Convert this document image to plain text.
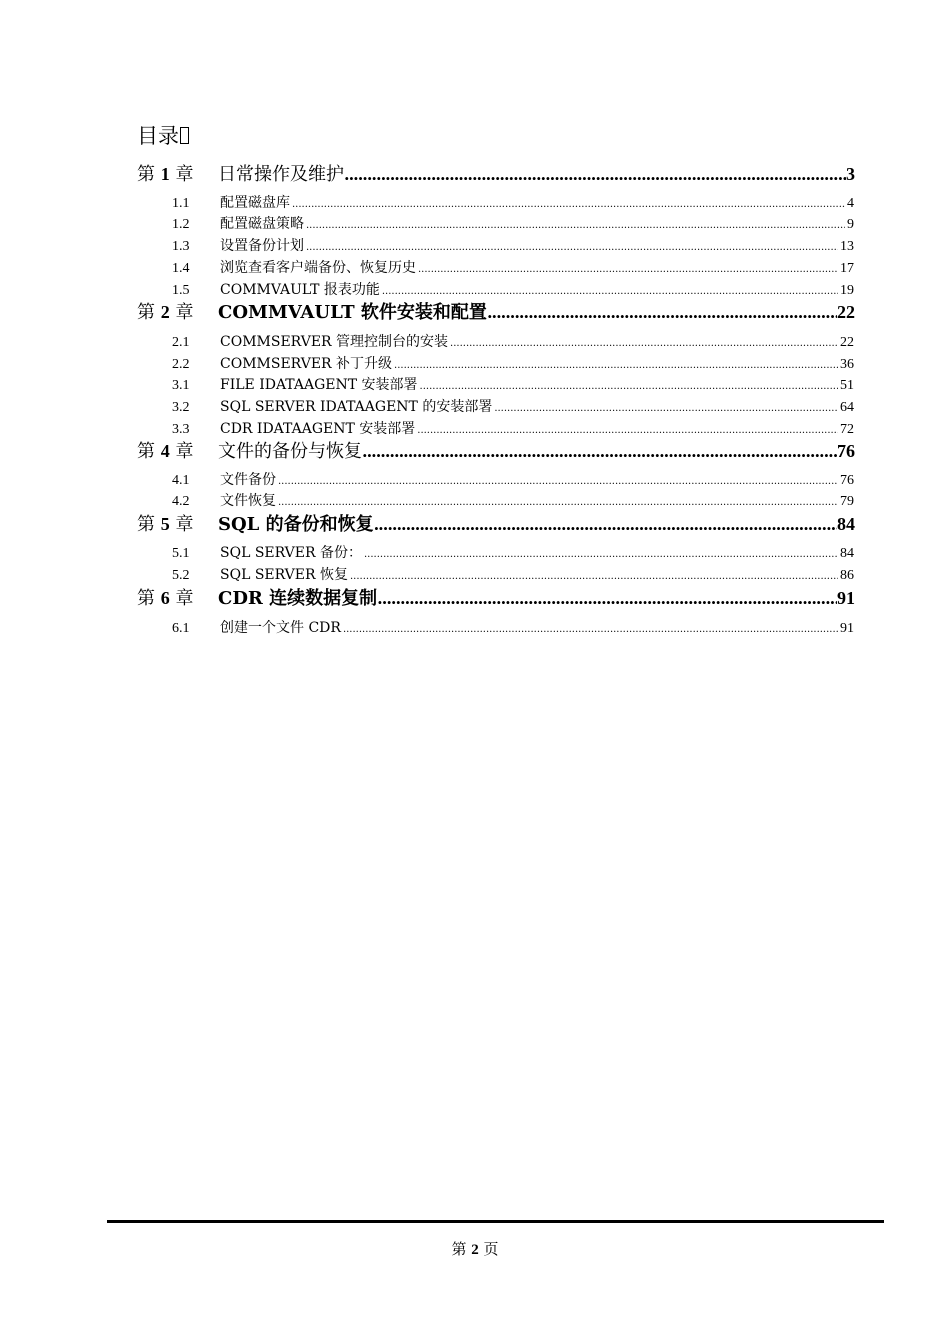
目录
第 1 章	日常操作及维护 .....	3
1.1	配置磁盘库 .....	4
1.2	配置磁盘策略 .....	9
1.3	设置备份计划 .....	13
1.4	浏览查看客户端备份、恢复历史 .....	17
1.5	COMMVAULT 报表功能 .....	19
第 2 章	COMMVAULT 软件安装和配置 .....	22
2.1	COMMSERVER 管理控制台的安装 .....	22
2.2	COMMSERVER 补丁升级 .....	36
3.1	FILE IDATAAGENT 安装部署 .....	51
3.2	SQL SERVER IDATAAGENT 的安装部署 .....	64
3.3	CDR IDATAAGENT 安装部署 .....	72
第 4 章	文件的备份与恢复 .....	76
4.1	文件备份 .....	76
4.2	文件恢复 .....	79
第 5 章	SQL 的备份和恢复 .....	84
5.1	SQL SERVER 备份： .....	84
5.2	SQL SERVER 恢复 .....	86
第 6 章	CDR 连续数据复制 .....	91
6.1	创建一个文件 CDR .....	91
第 2 页
